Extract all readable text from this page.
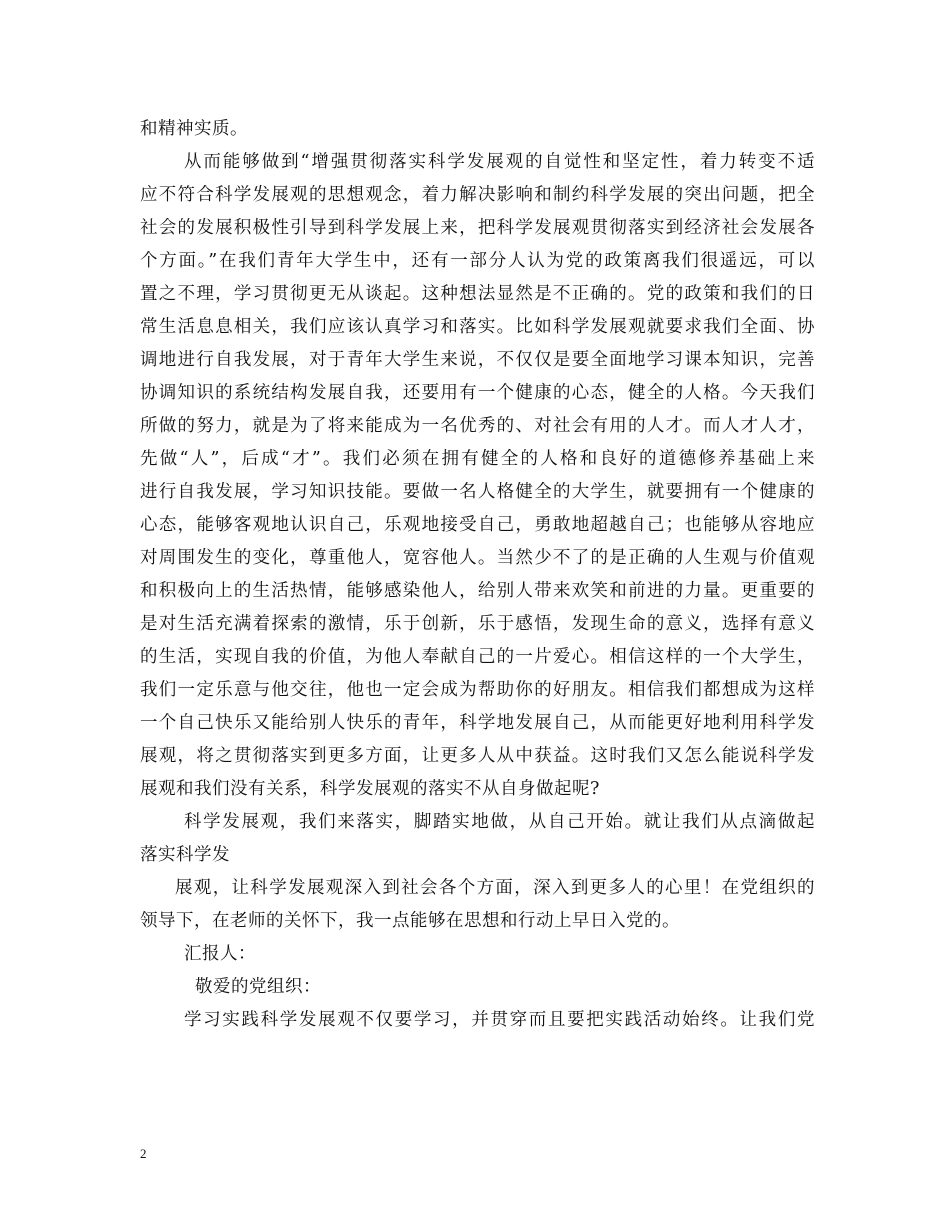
和精神实质。
从而能够做到“增强贯彻落实科学发展观的自觉性和坚定性，着力转变不适
应不符合科学发展观的思想观念，着力解决影响和制约科学发展的突出问题，把全
社会的发展积极性引导到科学发展上来，把科学发展观贯彻落实到经济社会发展各
个方面。”在我们青年大学生中，还有一部分人认为党的政策离我们很遥远，可以
置之不理，学习贯彻更无从谈起。这种想法显然是不正确的。党的政策和我们的日
常生活息息相关，我们应该认真学习和落实。比如科学发展观就要求我们全面、协
调地进行自我发展，对于青年大学生来说，不仅仅是要全面地学习课本知识，完善
协调知识的系统结构发展自我，还要用有一个健康的心态，健全的人格。今天我们
所做的努力，就是为了将来能成为一名优秀的、对社会有用的人才。而人才人才，
先做“人”，后成“才”。我们必须在拥有健全的人格和良好的道德修养基础上来
进行自我发展，学习知识技能。要做一名人格健全的大学生，就要拥有一个健康的
心态，能够客观地认识自己，乐观地接受自己，勇敢地超越自己；也能够从容地应
对周围发生的变化，尊重他人，宽容他人。当然少不了的是正确的人生观与价值观
和积极向上的生活热情，能够感染他人，给别人带来欢笑和前进的力量。更重要的
是对生活充满着探索的激情，乐于创新，乐于感悟，发现生命的意义，选择有意义
的生活，实现自我的价值，为他人奉献自己的一片爱心。相信这样的一个大学生，
我们一定乐意与他交往，他也一定会成为帮助你的好朋友。相信我们都想成为这样
一个自己快乐又能给别人快乐的青年，科学地发展自己，从而能更好地利用科学发
展观，将之贯彻落实到更多方面，让更多人从中获益。这时我们又怎么能说科学发
展观和我们没有关系，科学发展观的落实不从自身做起呢?
科学发展观，我们来落实，脚踏实地做，从自己开始。就让我们从点滴做起
落实科学发
展观，让科学发展观深入到社会各个方面，深入到更多人的心里！在党组织的
领导下，在老师的关怀下，我一点能够在思想和行动上早日入党的。
汇报人：
敬爱的党组织：
学习实践科学发展观不仅要学习，并贯穿而且要把实践活动始终。让我们党
2
